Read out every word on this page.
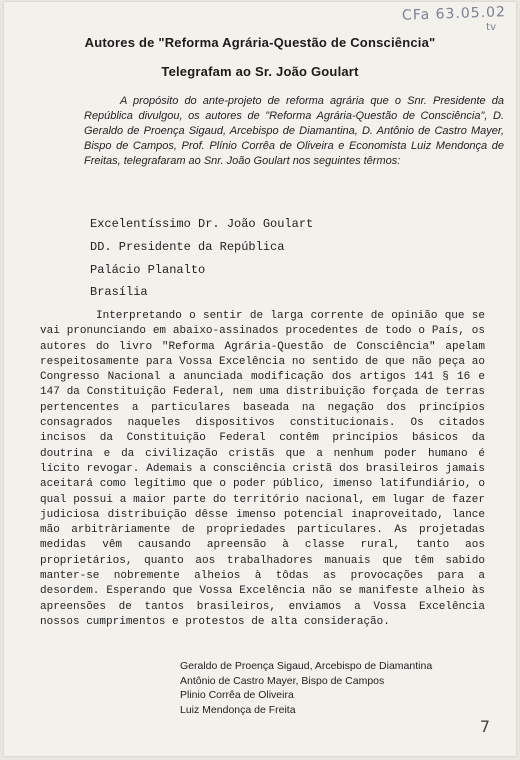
CFa 63.05.02
tv
Autores de "Reforma Agrária-Questão de Consciência"
Telegrafam ao Sr. João Goulart
A propósito do ante-projeto de reforma agrária que o Snr. Presidente da República divulgou, os autores de "Reforma Agrária-Questão de Consciência", D. Geraldo de Proença Sigaud, Arcebispo de Diamantina, D. Antônio de Castro Mayer, Bispo de Campos, Prof. Plínio Corrêa de Oliveira e Economista Luiz Mendonça de Freitas, telegrafaram ao Snr. João Goulart nos seguintes têrmos:
Excelentíssimo Dr. João Goulart
DD. Presidente da República
Palácio Planalto
Brasília
Interpretando o sentir de larga corrente de opinião que se vai pronunciando em abaixo-assinados procedentes de todo o País, os autores do livro "Reforma Agrária-Questão de Consciência" apelam respeitosamente para Vossa Excelência no sentido de que não peça ao Congresso Nacional a anunciada modificação dos artigos 141 § 16 e 147 da Constituição Federal, nem uma distribuição forçada de terras pertencentes a particulares baseada na negação dos princípios consagrados naqueles dispositivos constitucionais. Os citados incisos da Constituição Federal contêm princípios básicos da doutrina e da civilização cristãs que a nenhum poder humano é lícito revogar. Ademais a consciência cristã dos brasileiros jamais aceitará como legítimo que o poder público, imenso latifundiário, o qual possui a maior parte do território nacional, em lugar de fazer judiciosa distribuição dêsse imenso potencial inaproveitado, lance mão arbitràriamente de propriedades particulares. As projetadas medidas vêm causando apreensão à classe rural, tanto aos proprietários, quanto aos trabalhadores manuais que têm sabido manter-se nobremente alheios à tôdas as provocações para a desordem. Esperando que Vossa Excelência não se manifeste alheio às apreensões de tantos brasileiros, enviamos a Vossa Excelência nossos cumprimentos e protestos de alta consideração.
Geraldo de Proença Sigaud, Arcebispo de Diamantina
Antônio de Castro Mayer, Bispo de Campos
Plinio Corrêa de Oliveira
Luiz Mendonça de Freita
7
